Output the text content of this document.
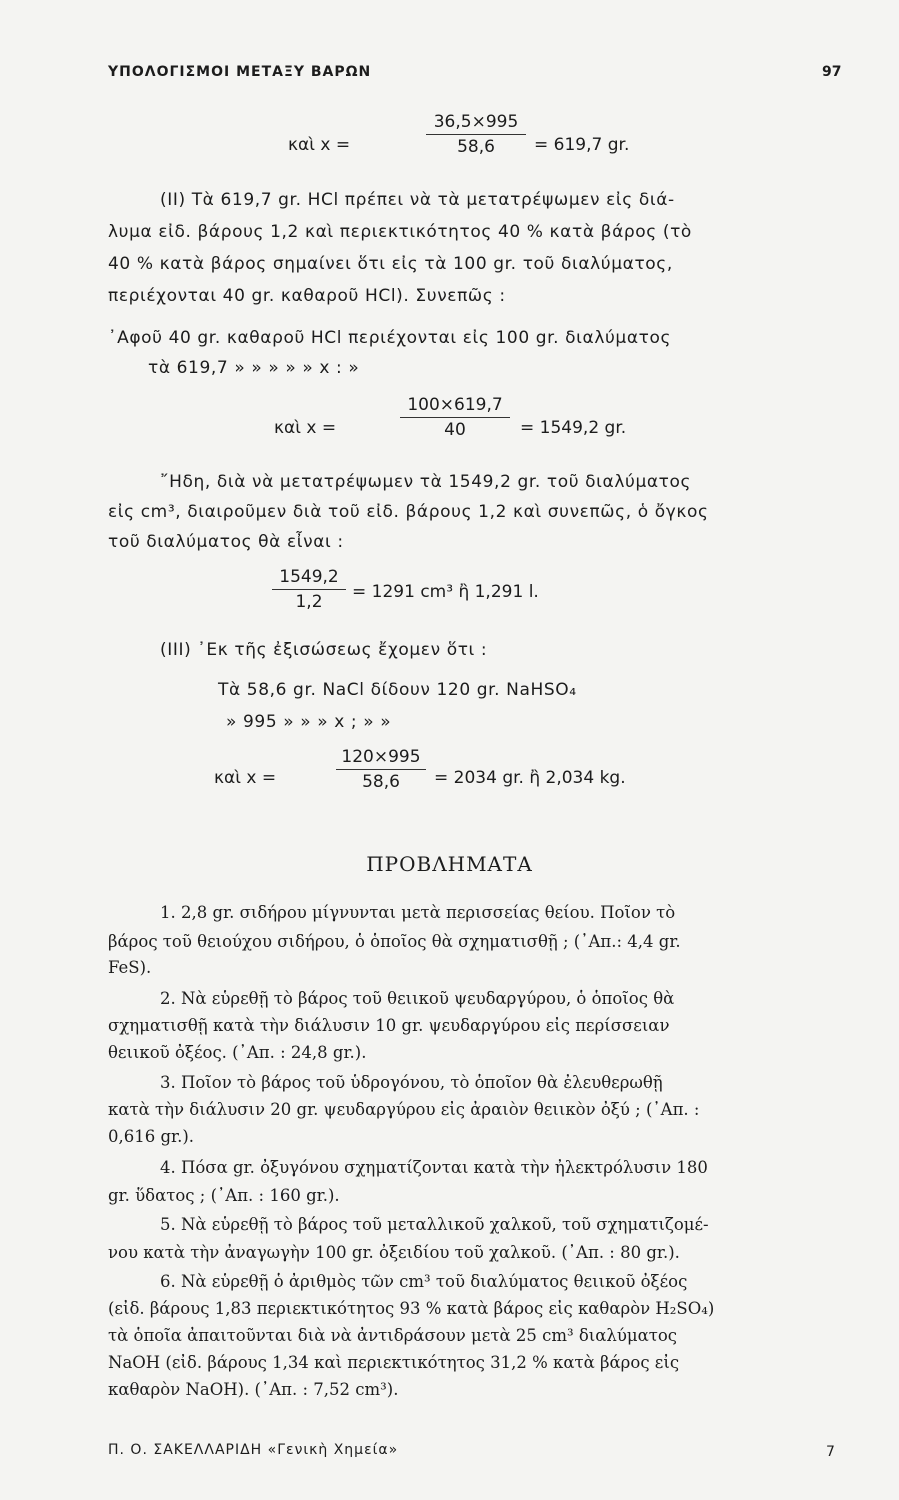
ΥΠΟΛΟΓΙΣΜΟΙ ΜΕΤΑΞΥ ΒΑΡΩΝ	97
καὶ x =	$\frac{36,5\times 995}{58,6} = 619,7$ gr.
(ΙΙ) Τὰ 619,7 gr. HCl πρέπει νὰ τὰ μετατρέψωμεν εἰς διά-
λυμα εἰδ. βάρους 1,2 καὶ περιεκτικότητος 40 % κατὰ βάρος (τὸ
40 % κατὰ βάρος σημαίνει ὅτι εἰς τὰ 100 gr. τοῦ διαλύματος,
περιέχονται 40 gr. καθαροῦ HCl). Συνεπῶς :
᾿Αφοῦ 40 gr. καθαροῦ HCl περιέχονται εἰς 100 gr. διαλύματος
τὰ 619,7 » » » » » x : »
καὶ x =	$\frac{100\times 619,7}{40} = 1549,2$ gr.
῎Ηδη, διὰ νὰ μετατρέψωμεν τὰ 1549,2 gr. τοῦ διαλύματος
εἰς cm³, διαιροῦμεν διὰ τοῦ εἰδ. βάρους 1,2 καὶ συνεπῶς, ὁ ὄγκος
τοῦ διαλύματος θὰ εἶναι :
$\frac{1549,2}{1,2} = 1291$ cm³ ἢ 1,291 l.
(ΙΙΙ) ᾿Εκ τῆς ἐξισώσεως ἔχομεν ὅτι :
Τὰ 58,6 gr. NaCl δίδουν 120 gr. NaHSO₄
» 995 » » » x ; » »
καὶ x =	$\frac{120\times 995}{58,6} = 2034$ gr. ἢ 2,034 kg.
ΠΡΟΒΛΗΜΑΤΑ
1. 2,8 gr. σιδήρου μίγνυνται μετὰ περισσείας θείου. Ποῖον τὸ
βάρος τοῦ θειούχου σιδήρου, ὁ ὁποῖος θὰ σχηματισθῇ ; (᾿Απ.: 4,4 gr.
FeS).
2. Νὰ εὑρεθῇ τὸ βάρος τοῦ θειικοῦ ψευδαργύρου, ὁ ὁποῖος θὰ
σχηματισθῇ κατὰ τὴν διάλυσιν 10 gr. ψευδαργύρου εἰς περίσσειαν
θειικοῦ ὀξέος. (᾿Απ. : 24,8 gr.).
3. Ποῖον τὸ βάρος τοῦ ὑδρογόνου, τὸ ὁποῖον θὰ ἐλευθερωθῇ
κατὰ τὴν διάλυσιν 20 gr. ψευδαργύρου εἰς ἀραιὸν θειικὸν ὀξύ ; (᾿Απ. :
0,616 gr.).
4. Πόσα gr. ὀξυγόνου σχηματίζονται κατὰ τὴν ἠλεκτρόλυσιν 180
gr. ὕδατος ; (᾿Απ. : 160 gr.).
5. Νὰ εὑρεθῇ τὸ βάρος τοῦ μεταλλικοῦ χαλκοῦ, τοῦ σχηματιζομέ-
νου κατὰ τὴν ἀναγωγὴν 100 gr. ὀξειδίου τοῦ χαλκοῦ. (᾿Απ. : 80 gr.).
6. Νὰ εὑρεθῇ ὁ ἀριθμὸς τῶν cm³ τοῦ διαλύματος θειικοῦ ὀξέος
(εἰδ. βάρους 1,83 περιεκτικότητος 93 % κατὰ βάρος εἰς καθαρὸν H₂SO₄)
τὰ ὁποῖα ἀπαιτοῦνται διὰ νὰ ἀντιδράσουν μετὰ 25 cm³ διαλύματος
NaOH (εἰδ. βάρους 1,34 καὶ περιεκτικότητος 31,2 % κατὰ βάρος εἰς
καθαρὸν NaOH). (᾿Απ. : 7,52 cm³).
Π. Ο. ΣΑΚΕΛΛΑΡΙΔΗ «Γενικὴ Χημεία»	7
